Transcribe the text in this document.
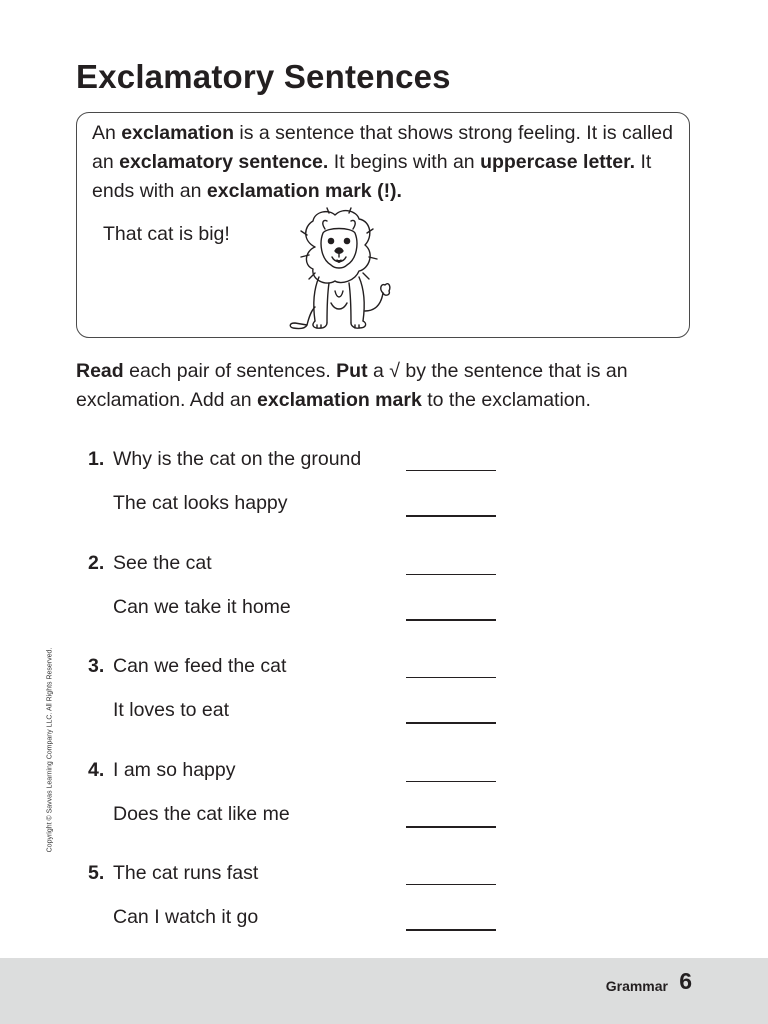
Exclamatory Sentences

An exclamation is a sentence that shows strong feeling. It is called an exclamatory sentence. It begins with an uppercase letter. It ends with an exclamation mark (!).

That cat is big!

Read each pair of sentences. Put a √ by the sentence that is an exclamation. Add an exclamation mark to the exclamation.

1. Why is the cat on the ground
The cat looks happy
2. See the cat
Can we take it home
3. Can we feed the cat
It loves to eat
4. I am so happy
Does the cat like me
5. The cat runs fast
Can I watch it go
Copyright © Savvas Learning Company LLC. All Rights Reserved.
Grammar 6
